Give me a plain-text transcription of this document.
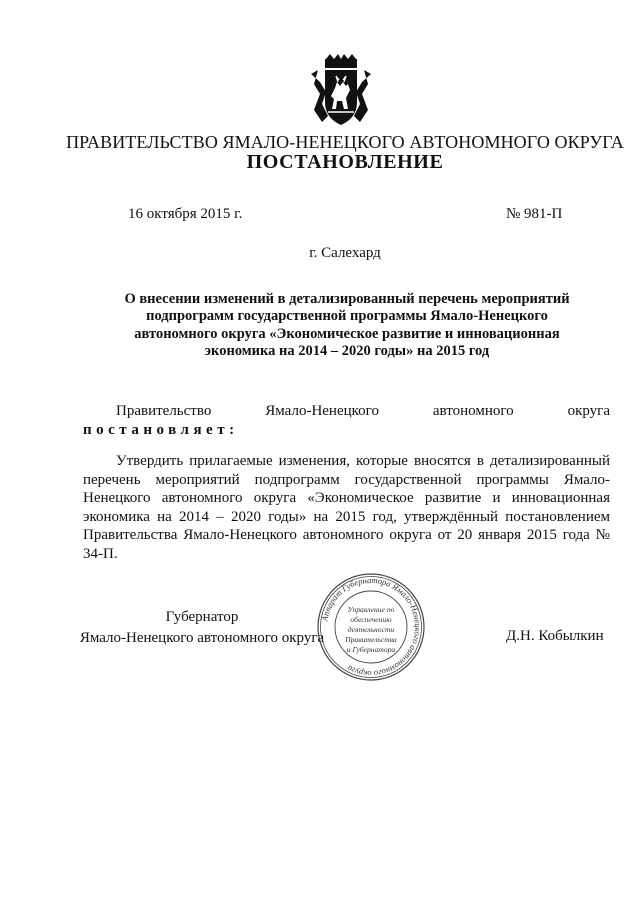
ПРАВИТЕЛЬСТВО ЯМАЛО-НЕНЕЦКОГО АВТОНОМНОГО ОКРУГА
ПОСТАНОВЛЕНИЕ
16 октября 2015 г.	№ 981-П
г. Салехард
О внесении изменений в детализированный перечень мероприятий подпрограмм государственной программы Ямало-Ненецкого автономного округа «Экономическое развитие и инновационная экономика на 2014 – 2020 годы» на 2015 год
Правительство	Ямало-Ненецкого	автономного	округа
постановляет:
Утвердить прилагаемые изменения, которые вносятся в детализированный перечень мероприятий подпрограмм государственной программы Ямало-Ненецкого автономного округа «Экономическое развитие и инновационная экономика на 2014 – 2020 годы» на 2015 год, утверждённый постановлением Правительства Ямало-Ненецкого автономного округа от 20 января 2015 года № 34-П.
Губернатор
Ямало-Ненецкого автономного округа	Д.Н. Кобылкин
Аппарат Губернатора Ямало-Ненецкого автономного округа
Управление по
обеспечению
деятельности
Правительства
и Губернатора
